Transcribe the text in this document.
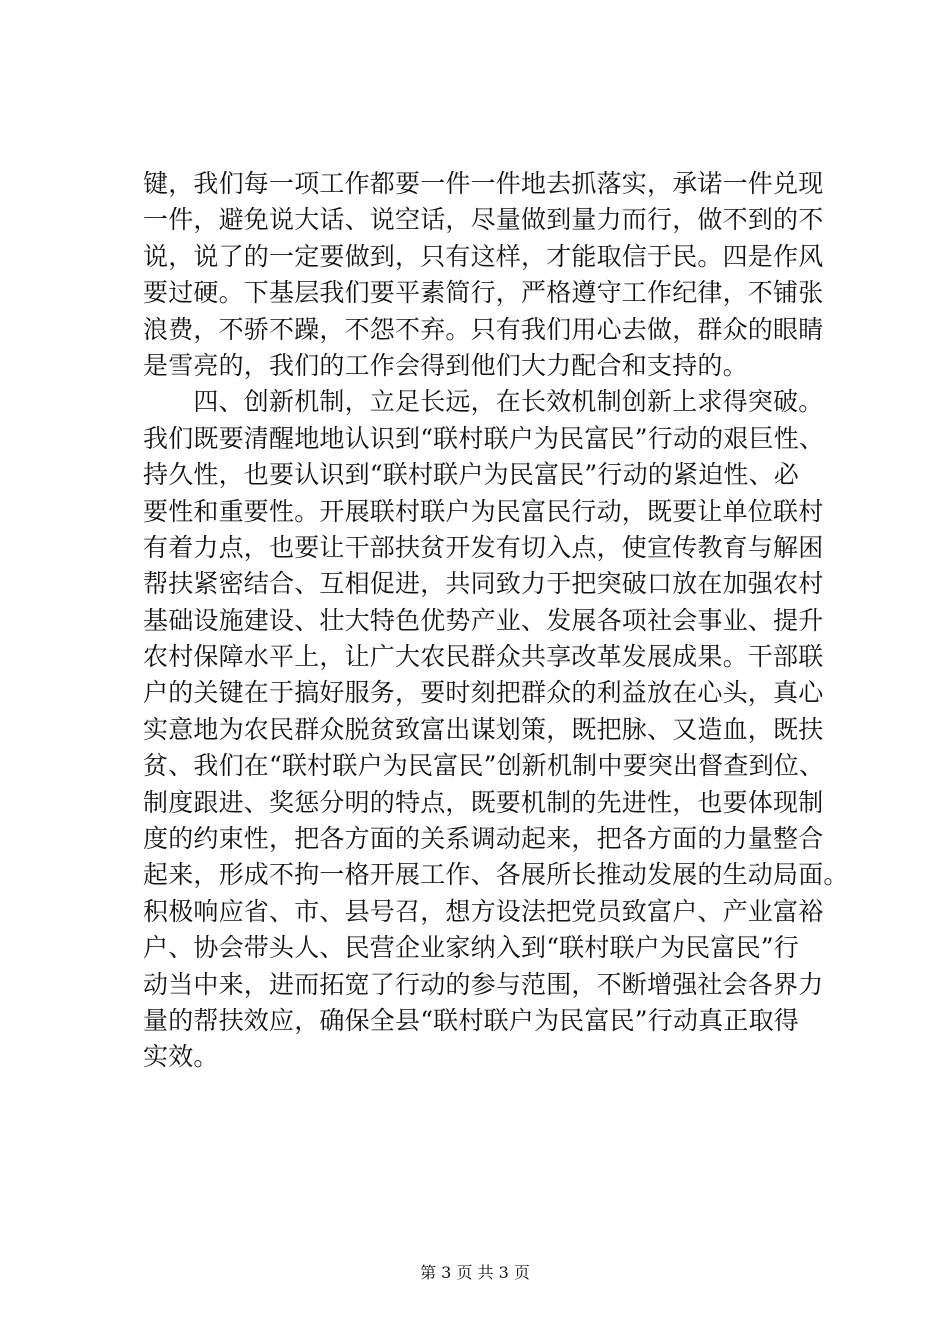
键，我们每一项工作都要一件一件地去抓落实，承诺一件兑现
一件，避免说大话、说空话，尽量做到量力而行，做不到的不
说，说了的一定要做到，只有这样，才能取信于民。四是作风
要过硬。下基层我们要平素简行，严格遵守工作纪律，不铺张
浪费，不骄不躁，不怨不弃。只有我们用心去做，群众的眼睛
是雪亮的，我们的工作会得到他们大力配合和支持的。
　　四、创新机制，立足长远，在长效机制创新上求得突破。
我们既要清醒地地认识到“联村联户为民富民”行动的艰巨性、
持久性，也要认识到“联村联户为民富民”行动的紧迫性、必
要性和重要性。开展联村联户为民富民行动，既要让单位联村
有着力点，也要让干部扶贫开发有切入点，使宣传教育与解困
帮扶紧密结合、互相促进，共同致力于把突破口放在加强农村
基础设施建设、壮大特色优势产业、发展各项社会事业、提升
农村保障水平上，让广大农民群众共享改革发展成果。干部联
户的关键在于搞好服务，要时刻把群众的利益放在心头，真心
实意地为农民群众脱贫致富出谋划策，既把脉、又造血，既扶
贫、我们在“联村联户为民富民”创新机制中要突出督查到位、
制度跟进、奖惩分明的特点，既要机制的先进性，也要体现制
度的约束性，把各方面的关系调动起来，把各方面的力量整合
起来，形成不拘一格开展工作、各展所长推动发展的生动局面。
积极响应省、市、县号召，想方设法把党员致富户、产业富裕
户、协会带头人、民营企业家纳入到“联村联户为民富民”行
动当中来，进而拓宽了行动的参与范围，不断增强社会各界力
量的帮扶效应，确保全县“联村联户为民富民”行动真正取得
实效。
第 3 页 共 3 页
